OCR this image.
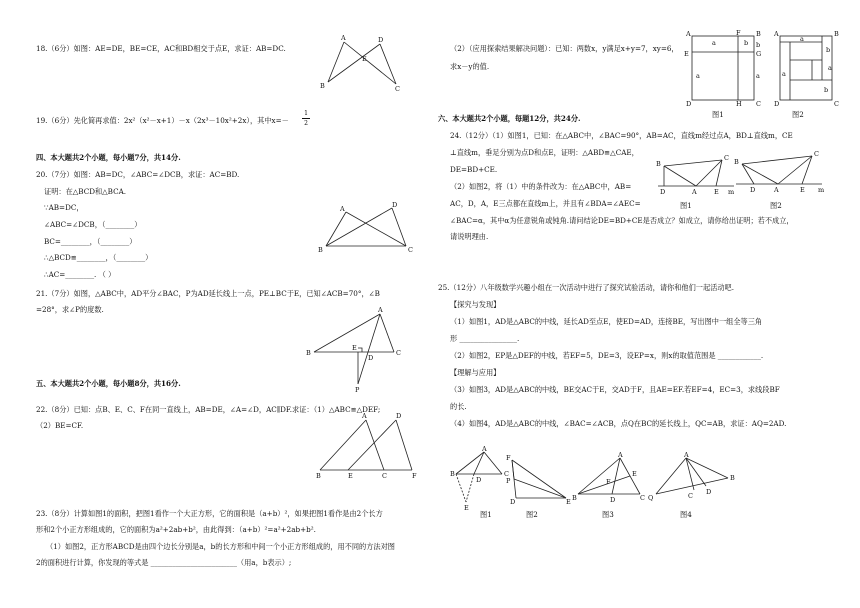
18.（6分）如图：AE=DE，BE=CE，AC和BD相交于点E，求证：AB=DC.
B
A	D
C
E
19.（6分）先化简再求值：2x²（x²－x+1）－x（2x³－10x²+2x），其中x=－
1
2
四、本大题共2个小题，每小题7分，共14分.
20.（7分）如图：AB=DC，∠ABC=∠DCB，求证：AC=BD.
证明：在△BCD和△BCA.
∵AB=DC，
∠ABC=∠DCB，（________）
BC=________，（________）
∴△BCD≌________，（________）
∴AC=________. （ ）
B
A	D
C
21.（7分）如图，△ABC中，AD平分∠BAC，P为AD延长线上一点，PE⊥BC于E，已知∠ACB=70°，∠B
=28°，求∠P的度数.
B
A
C
E
D
P
五、本大题共2个小题，每小题8分，共16分.
22.（8分）已知：点B、E、C、F在同一直线上，AB=DE，∠A=∠D，AC∥DF.求证：（1）△ABC≌△DEF;
（2）BE=CF.
B	E	C	F
A	D
23.（8分）计算如图1的面积，把图1看作一个大正方形，它的面积是（a+b）²，如果把图1看作是由2个长方
形和2个小正方形组成的，它的面积为a²+2ab+b²，由此得到：（a+b）²=a²+2ab+b².
（1）如图2，正方形ABCD是由四个边长分别是a，b的长方形和中间一个小正方形组成的，用不同的方法对图
2的面积进行计算，你发现的等式是 ________________________（用a，b表示）;
（2）（应用探索结果解决问题）：已知：两数x，y满足x+y=7，xy=6，
求x－y的值.
A	F B
E	G
D	H C
a	b
a	a
b
图1
A	B
D	C
a
b
b
a
a
图2
六、本大题共2个小题，每题12分，共24分.
24.（12分）（1）如图1，已知：在△ABC中，∠BAC=90°，AB=AC，直线m经过点A，BD⊥直线m，CE
⊥直线m，垂足分别为点D和点E，证明：△ABD≌△CAE，
DE=BD+CE.
（2）如图2，将（1）中的条件改为：在△ABC中，AB=
AC，D，A，E三点都在直线m上，并且有∠BDA=∠AEC=
∠BAC=α，其中α为任意锐角或钝角.请问结论DE=BD+CE是否成立？如成立，请你给出证明；若不成立，
请说明理由.
B
C
D	A	E m
图1
B
C
D	A	E m
图2
25.（12分）八年级数学兴趣小组在一次活动中进行了探究试验活动，请你和他们一起活动吧.
【探究与发现】
（1）如图1，AD是△ABC的中线，延长AD至点E，使ED=AD，连接BE，写出图中一组全等三角
形 ________________.
（2）如图2，EP是△DEF的中线，若EF=5，DE=3，设EP=x，则x的取值范围是 ____________.
【理解与应用】
（3）如图3，AD是△ABC的中线，BE交AC于E，交AD于F，且AE=EF.若EF=4，EC=3，求线段BF
的长.
（4）如图4，AD是△ABC的中线，∠BAC=∠ACB，点Q在BC的延长线上，QC=AB，求证：AQ=2AD.
B
A
C
D
E
图1
F
P
D	E
图2
B
A
C
D
F
E
图3
Q
A
B
C D
图4
